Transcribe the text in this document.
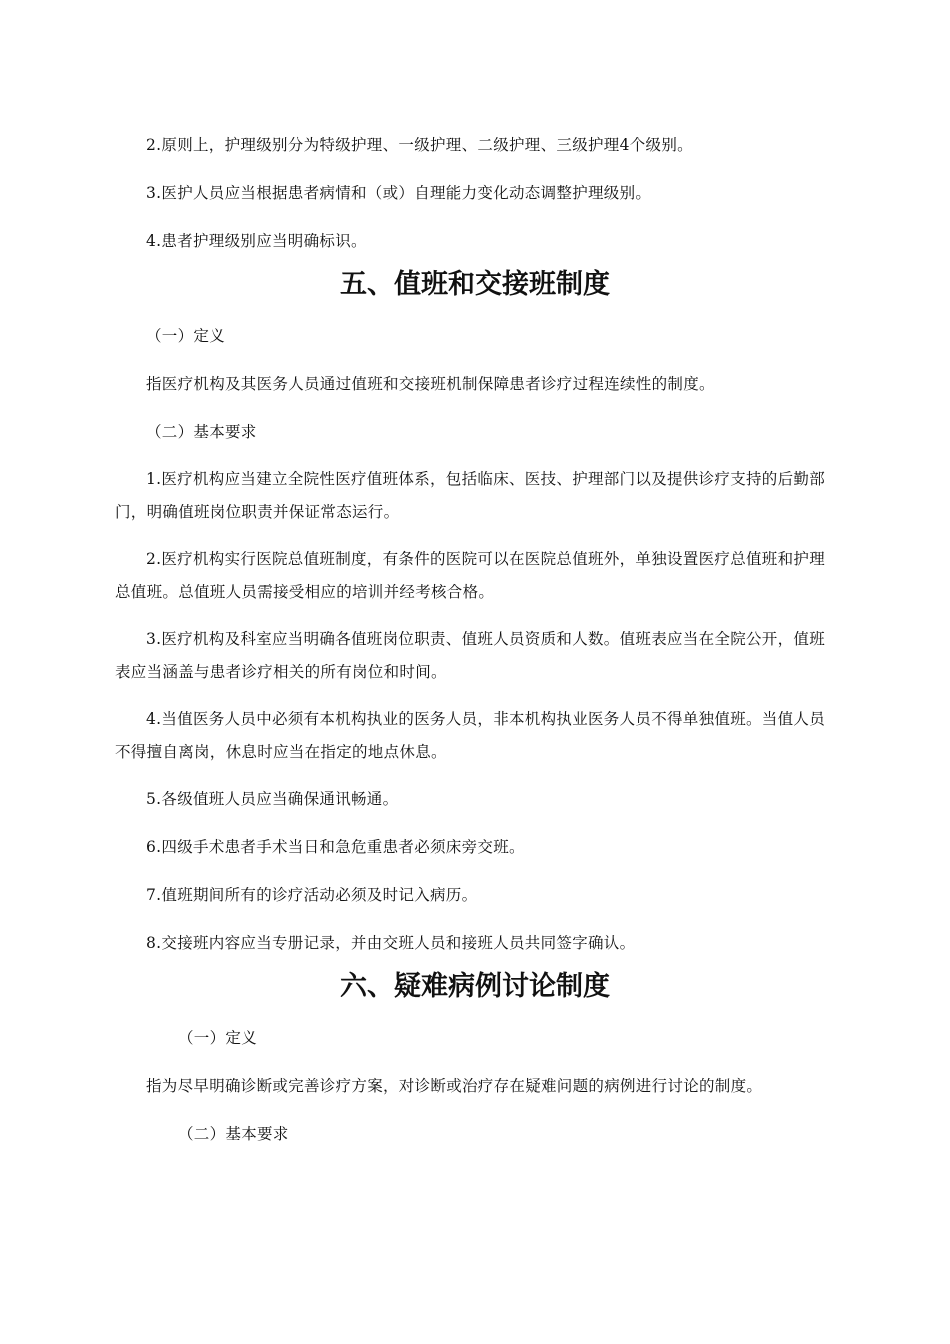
2.原则上，护理级别分为特级护理、一级护理、二级护理、三级护理4个级别。

3.医护人员应当根据患者病情和（或）自理能力变化动态调整护理级别。

4.患者护理级别应当明确标识。

五、值班和交接班制度

（一）定义

指医疗机构及其医务人员通过值班和交接班机制保障患者诊疗过程连续性的制度。

（二）基本要求

1.医疗机构应当建立全院性医疗值班体系，包括临床、医技、护理部门以及提供诊疗支持的后勤部门，明确值班岗位职责并保证常态运行。

2.医疗机构实行医院总值班制度，有条件的医院可以在医院总值班外，单独设置医疗总值班和护理总值班。总值班人员需接受相应的培训并经考核合格。

3.医疗机构及科室应当明确各值班岗位职责、值班人员资质和人数。值班表应当在全院公开，值班表应当涵盖与患者诊疗相关的所有岗位和时间。

4.当值医务人员中必须有本机构执业的医务人员，非本机构执业医务人员不得单独值班。当值人员不得擅自离岗，休息时应当在指定的地点休息。

5.各级值班人员应当确保通讯畅通。

6.四级手术患者手术当日和急危重患者必须床旁交班。

7.值班期间所有的诊疗活动必须及时记入病历。

8.交接班内容应当专册记录，并由交班人员和接班人员共同签字确认。

六、疑难病例讨论制度

（一）定义

指为尽早明确诊断或完善诊疗方案，对诊断或治疗存在疑难问题的病例进行讨论的制度。

（二）基本要求
